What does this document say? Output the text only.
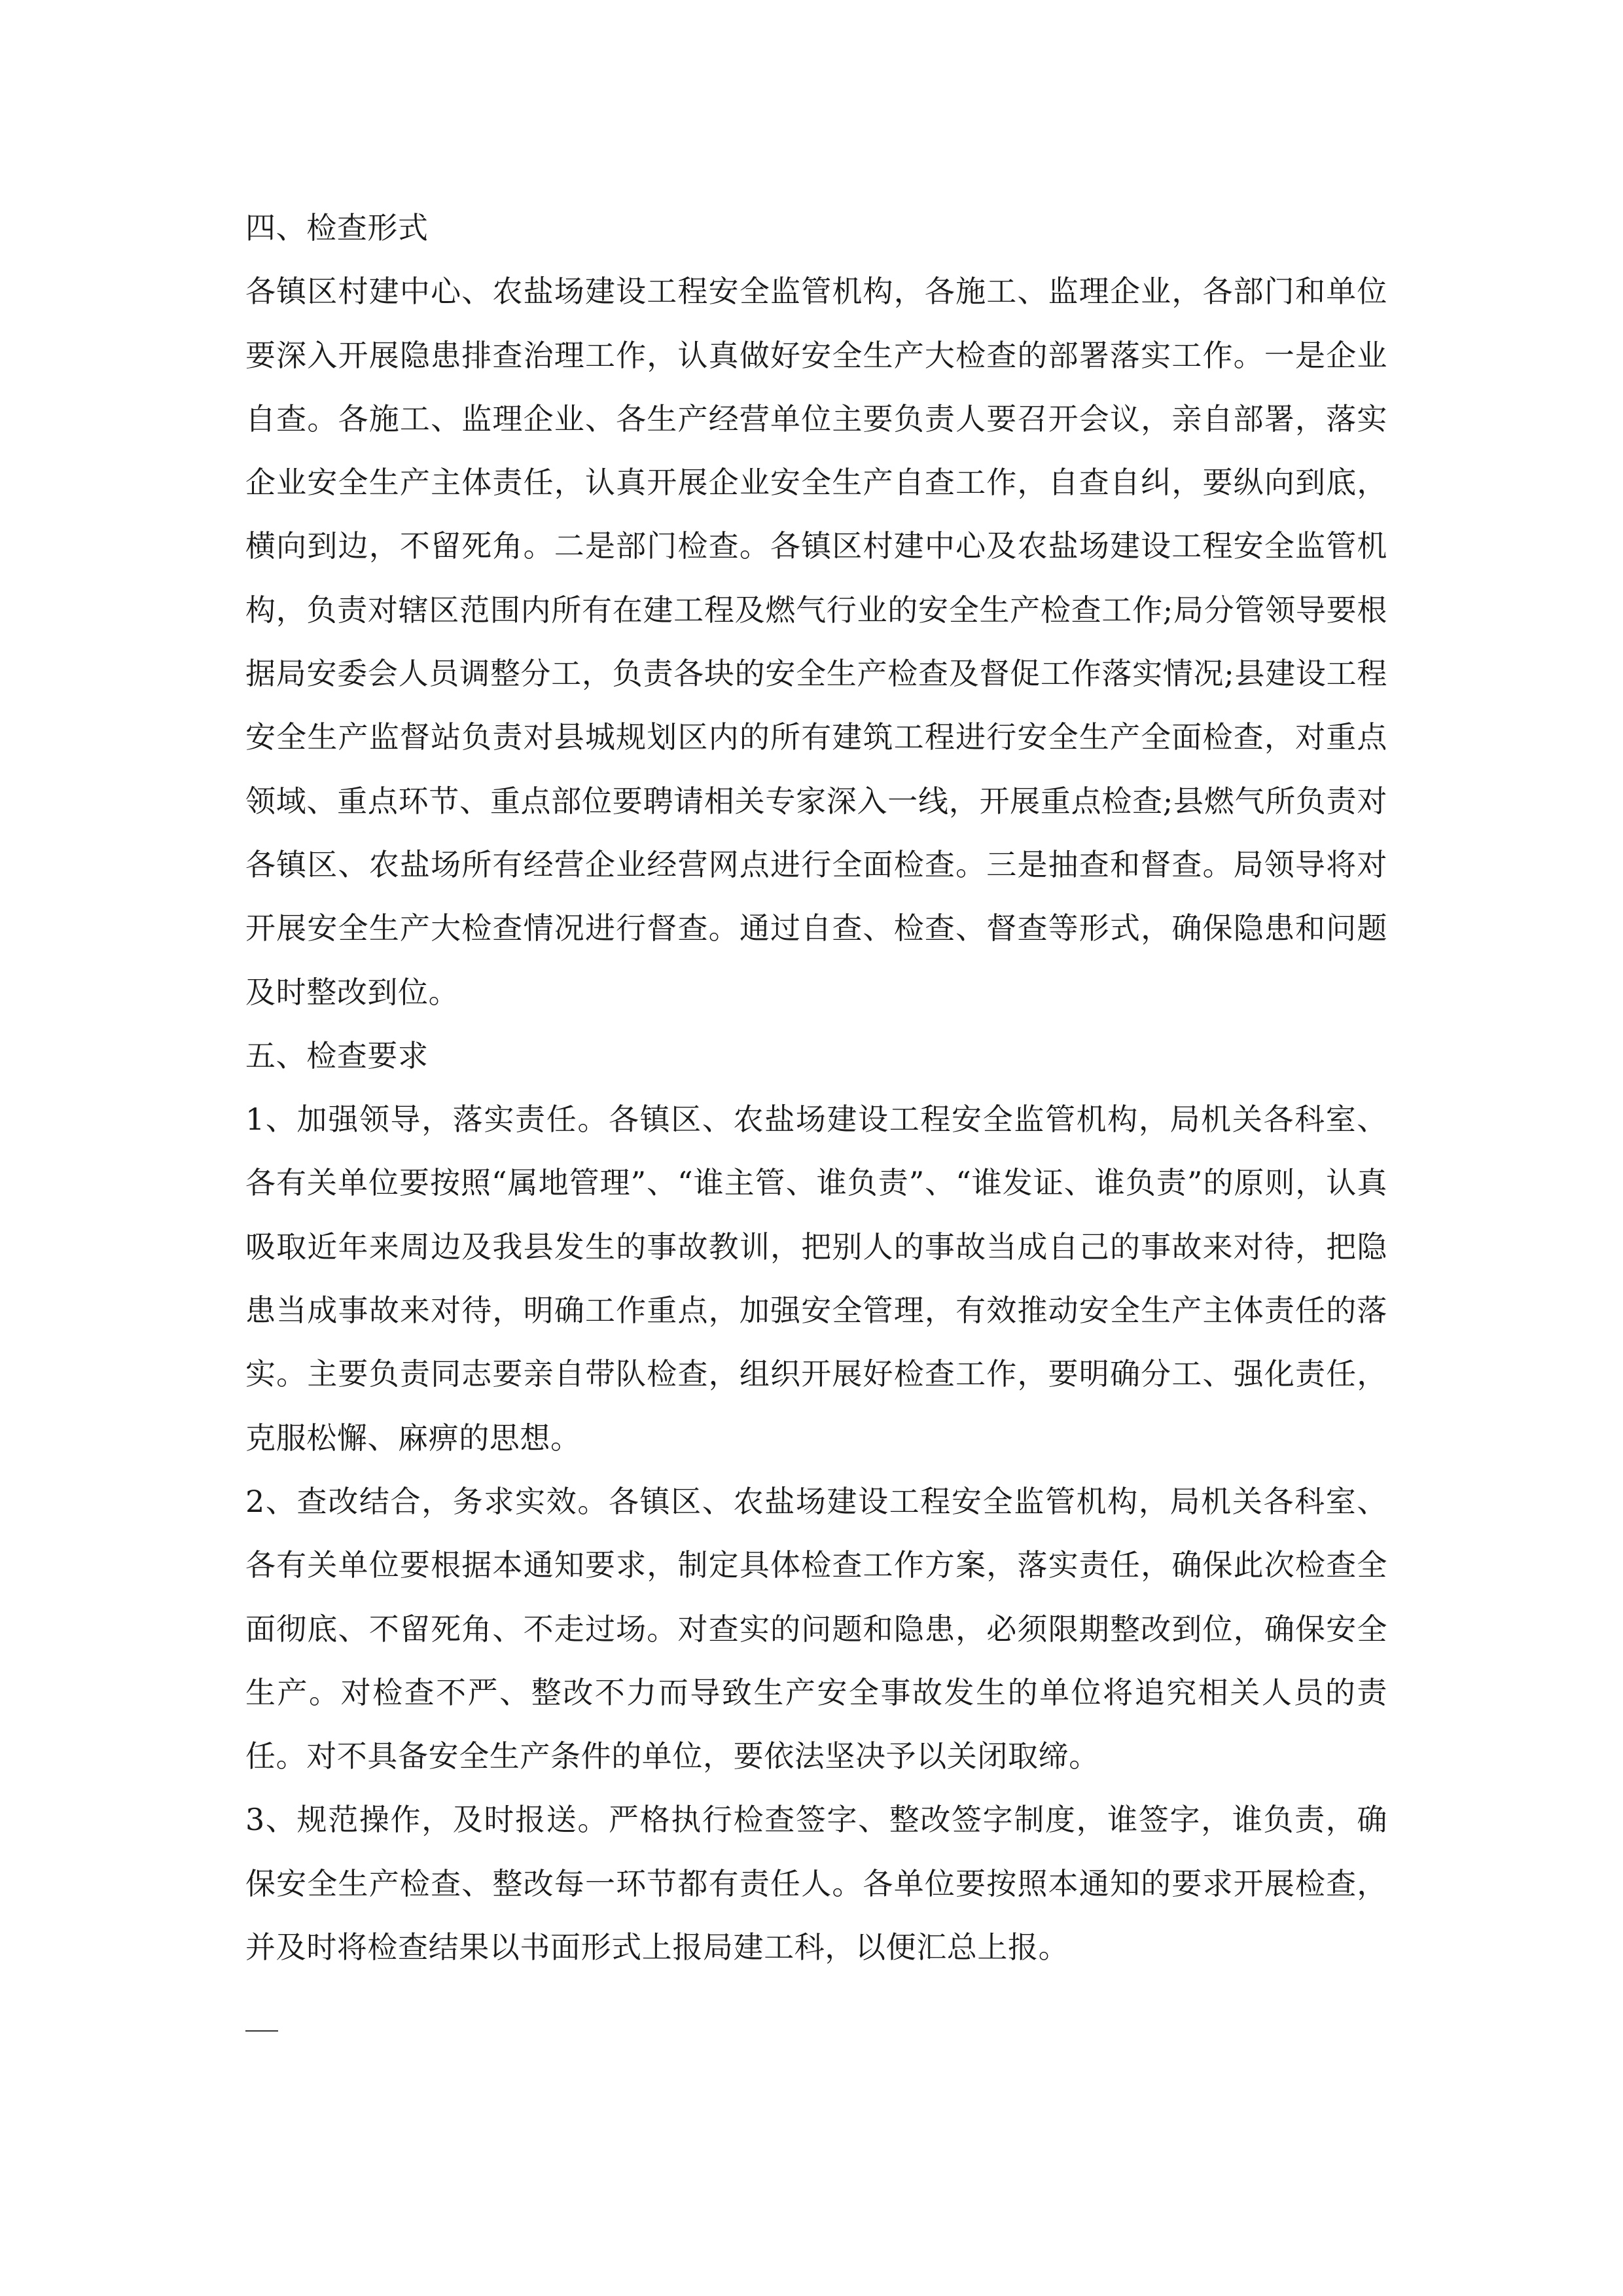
四、检查形式

各镇区村建中心、农盐场建设工程安全监管机构，各施工、监理企业，各部门和单位要深入开展隐患排查治理工作，认真做好安全生产大检查的部署落实工作。一是企业自查。各施工、监理企业、各生产经营单位主要负责人要召开会议，亲自部署，落实企业安全生产主体责任，认真开展企业安全生产自查工作，自查自纠，要纵向到底，横向到边，不留死角。二是部门检查。各镇区村建中心及农盐场建设工程安全监管机构，负责对辖区范围内所有在建工程及燃气行业的安全生产检查工作;局分管领导要根据局安委会人员调整分工，负责各块的安全生产检查及督促工作落实情况;县建设工程安全生产监督站负责对县城规划区内的所有建筑工程进行安全生产全面检查，对重点领域、重点环节、重点部位要聘请相关专家深入一线，开展重点检查;县燃气所负责对各镇区、农盐场所有经营企业经营网点进行全面检查。三是抽查和督查。局领导将对开展安全生产大检查情况进行督查。通过自查、检查、督查等形式，确保隐患和问题及时整改到位。

五、检查要求

1、加强领导，落实责任。各镇区、农盐场建设工程安全监管机构，局机关各科室、各有关单位要按照“属地管理”、“谁主管、谁负责”、“谁发证、谁负责”的原则，认真吸取近年来周边及我县发生的事故教训，把别人的事故当成自己的事故来对待，把隐患当成事故来对待，明确工作重点，加强安全管理，有效推动安全生产主体责任的落实。主要负责同志要亲自带队检查，组织开展好检查工作，要明确分工、强化责任，克服松懈、麻痹的思想。

2、查改结合，务求实效。各镇区、农盐场建设工程安全监管机构，局机关各科室、各有关单位要根据本通知要求，制定具体检查工作方案，落实责任，确保此次检查全面彻底、不留死角、不走过场。对查实的问题和隐患，必须限期整改到位，确保安全生产。对检查不严、整改不力而导致生产安全事故发生的单位将追究相关人员的责任。对不具备安全生产条件的单位，要依法坚决予以关闭取缔。

3、规范操作，及时报送。严格执行检查签字、整改签字制度，谁签字，谁负责，确保安全生产检查、整改每一环节都有责任人。各单位要按照本通知的要求开展检查，并及时将检查结果以书面形式上报局建工科，以便汇总上报。
